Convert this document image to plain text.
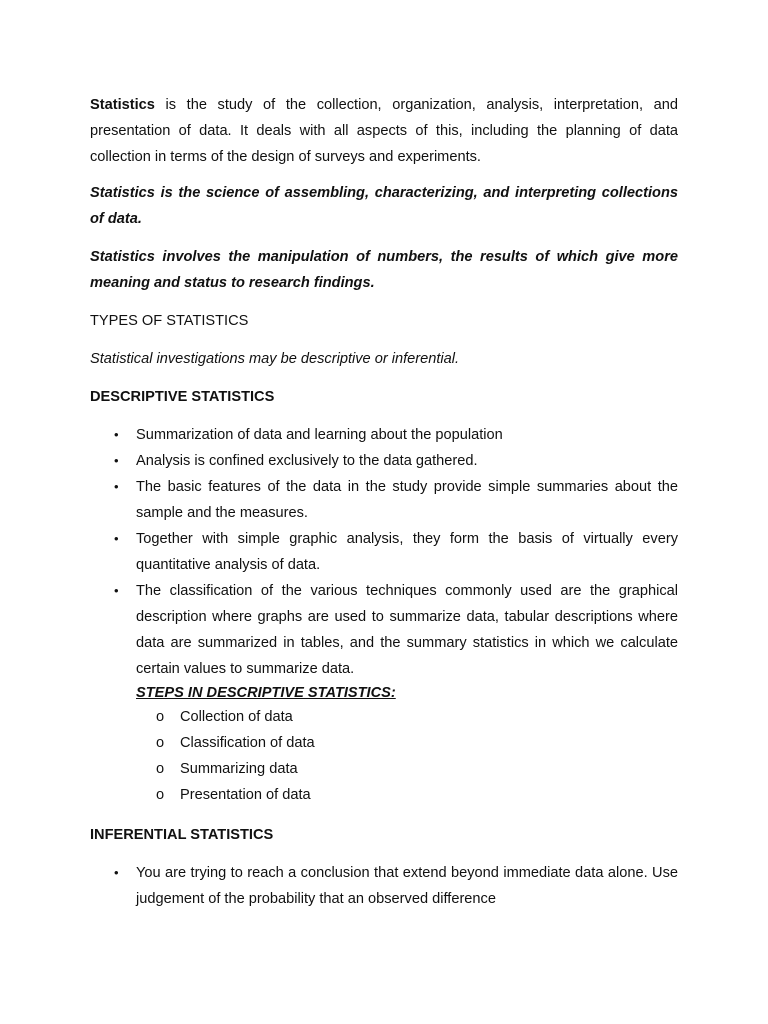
Statistics is the study of the collection, organization, analysis, interpretation, and presentation of data. It deals with all aspects of this, including the planning of data collection in terms of the design of surveys and experiments.

Statistics is the science of assembling, characterizing, and interpreting collections of data.

Statistics involves the manipulation of numbers, the results of which give more meaning and status to research findings.

TYPES OF STATISTICS

Statistical investigations may be descriptive or inferential.

DESCRIPTIVE STATISTICS

• Summarization of data and learning about the population
• Analysis is confined exclusively to the data gathered.
• The basic features of the data in the study provide simple summaries about the sample and the measures.
• Together with simple graphic analysis, they form the basis of virtually every quantitative analysis of data.
• The classification of the various techniques commonly used are the graphical description where graphs are used to summarize data, tabular descriptions where data are summarized in tables, and the summary statistics in which we calculate certain values to summarize data.
STEPS IN DESCRIPTIVE STATISTICS:
o Collection of data
o Classification of data
o Summarizing data
o Presentation of data

INFERENTIAL STATISTICS

• You are trying to reach a conclusion that extend beyond immediate data alone. Use judgement of the probability that an observed difference
